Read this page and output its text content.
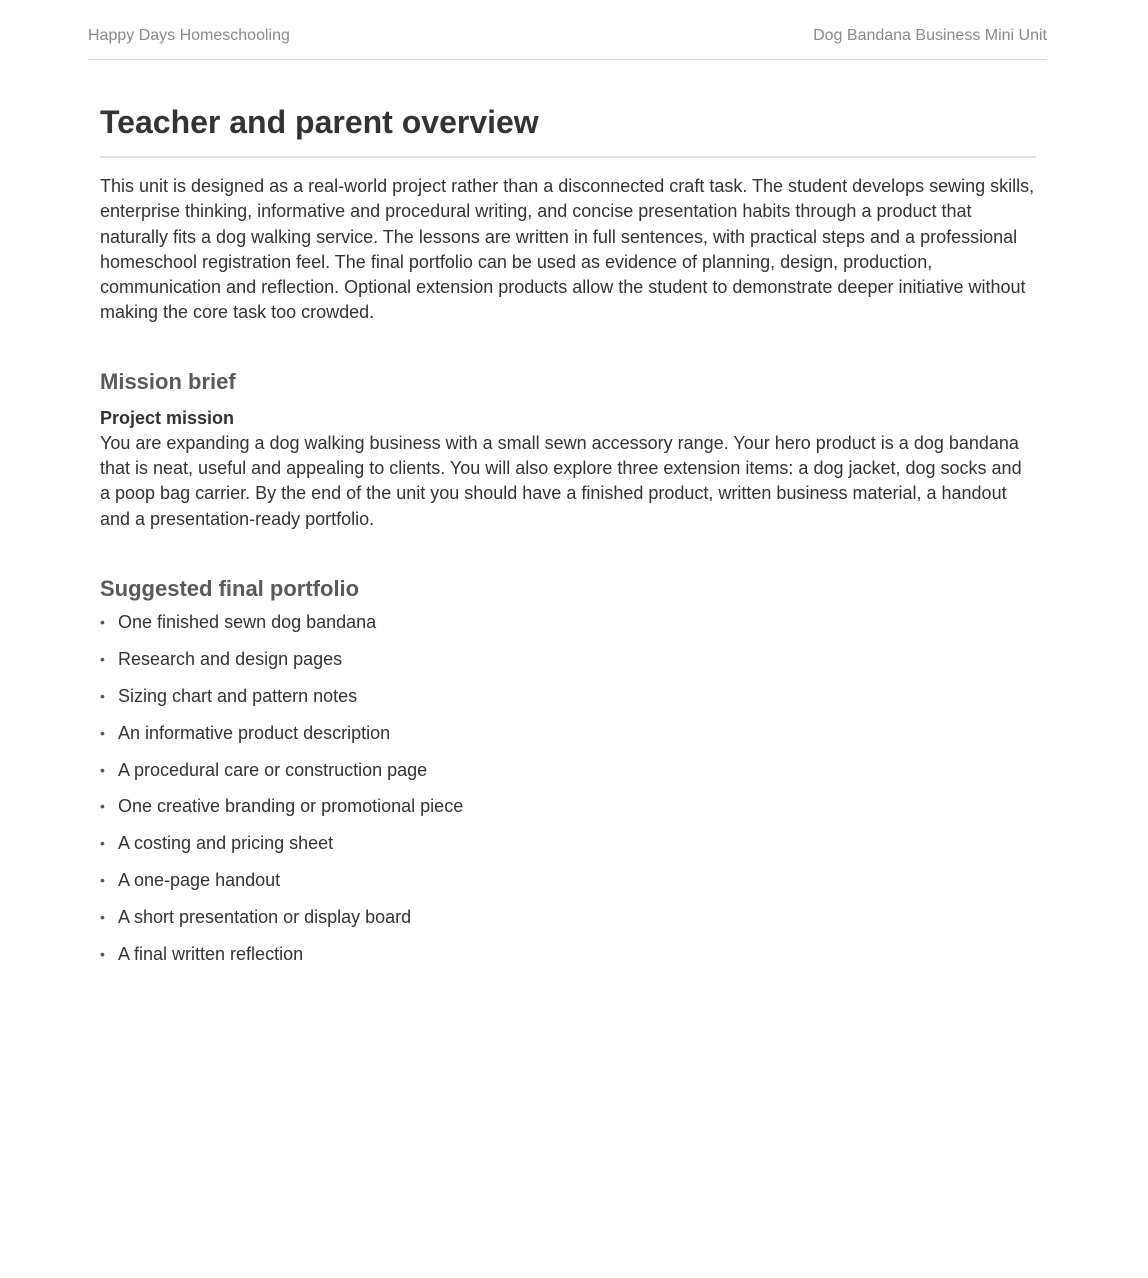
Happy Days Homeschooling	Dog Bandana Business Mini Unit
Teacher and parent overview

This unit is designed as a real-world project rather than a disconnected craft task. The student develops sewing skills, enterprise thinking, informative and procedural writing, and concise presentation habits through a product that naturally fits a dog walking service. The lessons are written in full sentences, with practical steps and a professional homeschool registration feel. The final portfolio can be used as evidence of planning, design, production, communication and reflection. Optional extension products allow the student to demonstrate deeper initiative without making the core task too crowded.

Mission brief
Project mission

You are expanding a dog walking business with a small sewn accessory range. Your hero product is a dog bandana that is neat, useful and appealing to clients. You will also explore three extension items: a dog jacket, dog socks and a poop bag carrier. By the end of the unit you should have a finished product, written business material, a handout and a presentation-ready portfolio.

Suggested final portfolio
• One finished sewn dog bandana
• Research and design pages
• Sizing chart and pattern notes
• An informative product description
• A procedural care or construction page
• One creative branding or promotional piece
• A costing and pricing sheet
• A one-page handout
• A short presentation or display board
• A final written reflection
